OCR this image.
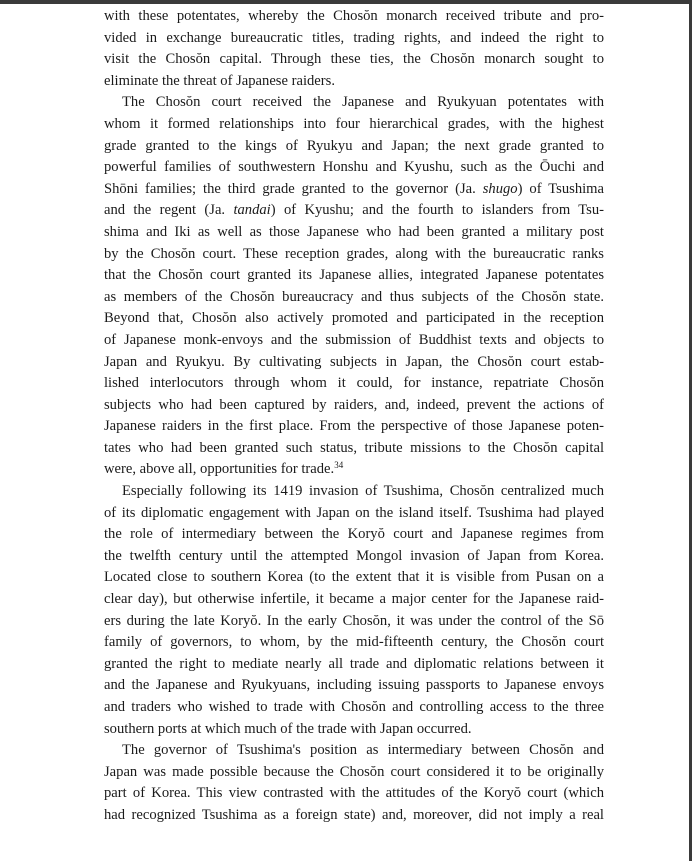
with these potentates, whereby the Chosŏn monarch received tribute and pro-
vided in exchange bureaucratic titles, trading rights, and indeed the right to
visit the Chosŏn capital. Through these ties, the Chosŏn monarch sought to
eliminate the threat of Japanese raiders.

The Chosŏn court received the Japanese and Ryukyuan potentates with
whom it formed relationships into four hierarchical grades, with the highest
grade granted to the kings of Ryukyu and Japan; the next grade granted to
powerful families of southwestern Honshu and Kyushu, such as the Ōuchi and
Shōni families; the third grade granted to the governor (Ja. shugo) of Tsushima
and the regent (Ja. tandai) of Kyushu; and the fourth to islanders from Tsu-
shima and Iki as well as those Japanese who had been granted a military post
by the Chosŏn court. These reception grades, along with the bureaucratic ranks
that the Chosŏn court granted its Japanese allies, integrated Japanese potentates
as members of the Chosŏn bureaucracy and thus subjects of the Chosŏn state.
Beyond that, Chosŏn also actively promoted and participated in the reception
of Japanese monk-envoys and the submission of Buddhist texts and objects to
Japan and Ryukyu. By cultivating subjects in Japan, the Chosŏn court estab-
lished interlocutors through whom it could, for instance, repatriate Chosŏn
subjects who had been captured by raiders, and, indeed, prevent the actions of
Japanese raiders in the first place. From the perspective of those Japanese poten-
tates who had been granted such status, tribute missions to the Chosŏn capital
were, above all, opportunities for trade.$^{34}$

Especially following its 1419 invasion of Tsushima, Chosŏn centralized much
of its diplomatic engagement with Japan on the island itself. Tsushima had played
the role of intermediary between the Koryŏ court and Japanese regimes from
the twelfth century until the attempted Mongol invasion of Japan from Korea.
Located close to southern Korea (to the extent that it is visible from Pusan on a
clear day), but otherwise infertile, it became a major center for the Japanese raid-
ers during the late Koryŏ. In the early Chosŏn, it was under the control of the Sō
family of governors, to whom, by the mid-fifteenth century, the Chosŏn court
granted the right to mediate nearly all trade and diplomatic relations between it
and the Japanese and Ryukyuans, including issuing passports to Japanese envoys
and traders who wished to trade with Chosŏn and controlling access to the three
southern ports at which much of the trade with Japan occurred.

The governor of Tsushima's position as intermediary between Chosŏn and
Japan was made possible because the Chosŏn court considered it to be originally
part of Korea. This view contrasted with the attitudes of the Koryŏ court (which
had recognized Tsushima as a foreign state) and, moreover, did not imply a real
